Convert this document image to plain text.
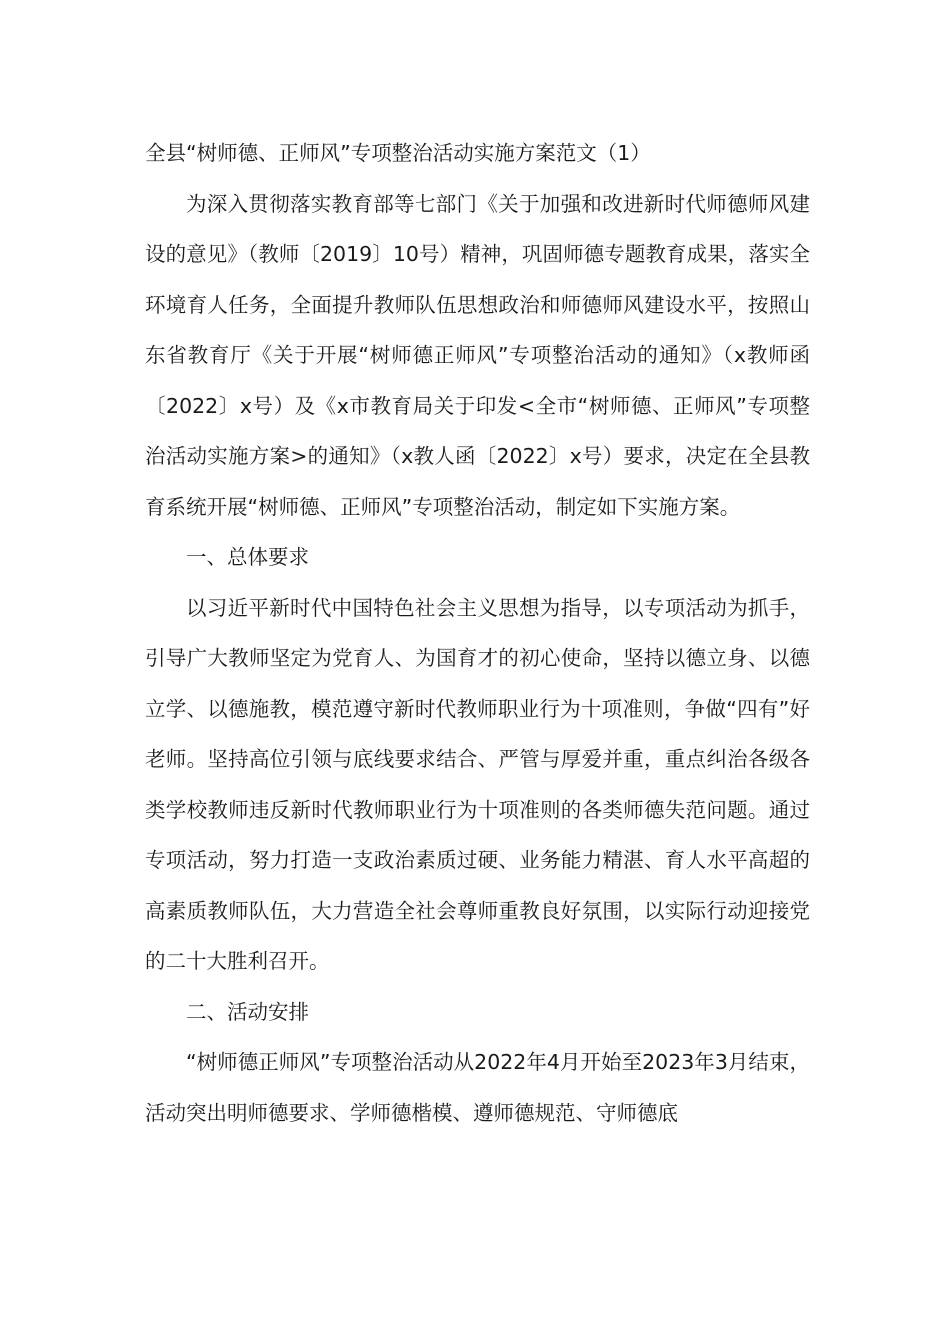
全县“树师德、正师风”专项整治活动实施方案范文（1）

为深入贯彻落实教育部等七部门《关于加强和改进新时代师德师风建设的意见》（教师〔2019〕10号）精神，巩固师德专题教育成果，落实全环境育人任务，全面提升教师队伍思想政治和师德师风建设水平，按照山东省教育厅《关于开展“树师德正师风”专项整治活动的通知》（x教师函〔2022〕x号）及《x市教育局关于印发<全市“树师德、正师风”专项整治活动实施方案>的通知》（x教人函〔2022〕x号）要求，决定在全县教育系统开展“树师德、正师风”专项整治活动，制定如下实施方案。

一、总体要求

以习近平新时代中国特色社会主义思想为指导，以专项活动为抓手，引导广大教师坚定为党育人、为国育才的初心使命，坚持以德立身、以德立学、以德施教，模范遵守新时代教师职业行为十项准则，争做“四有”好老师。坚持高位引领与底线要求结合、严管与厚爱并重，重点纠治各级各类学校教师违反新时代教师职业行为十项准则的各类师德失范问题。通过专项活动，努力打造一支政治素质过硬、业务能力精湛、育人水平高超的高素质教师队伍，大力营造全社会尊师重教良好氛围，以实际行动迎接党的二十大胜利召开。

二、活动安排

“树师德正师风”专项整治活动从2022年4月开始至2023年3月结束，活动突出明师德要求、学师德楷模、遵师德规范、守师德底
